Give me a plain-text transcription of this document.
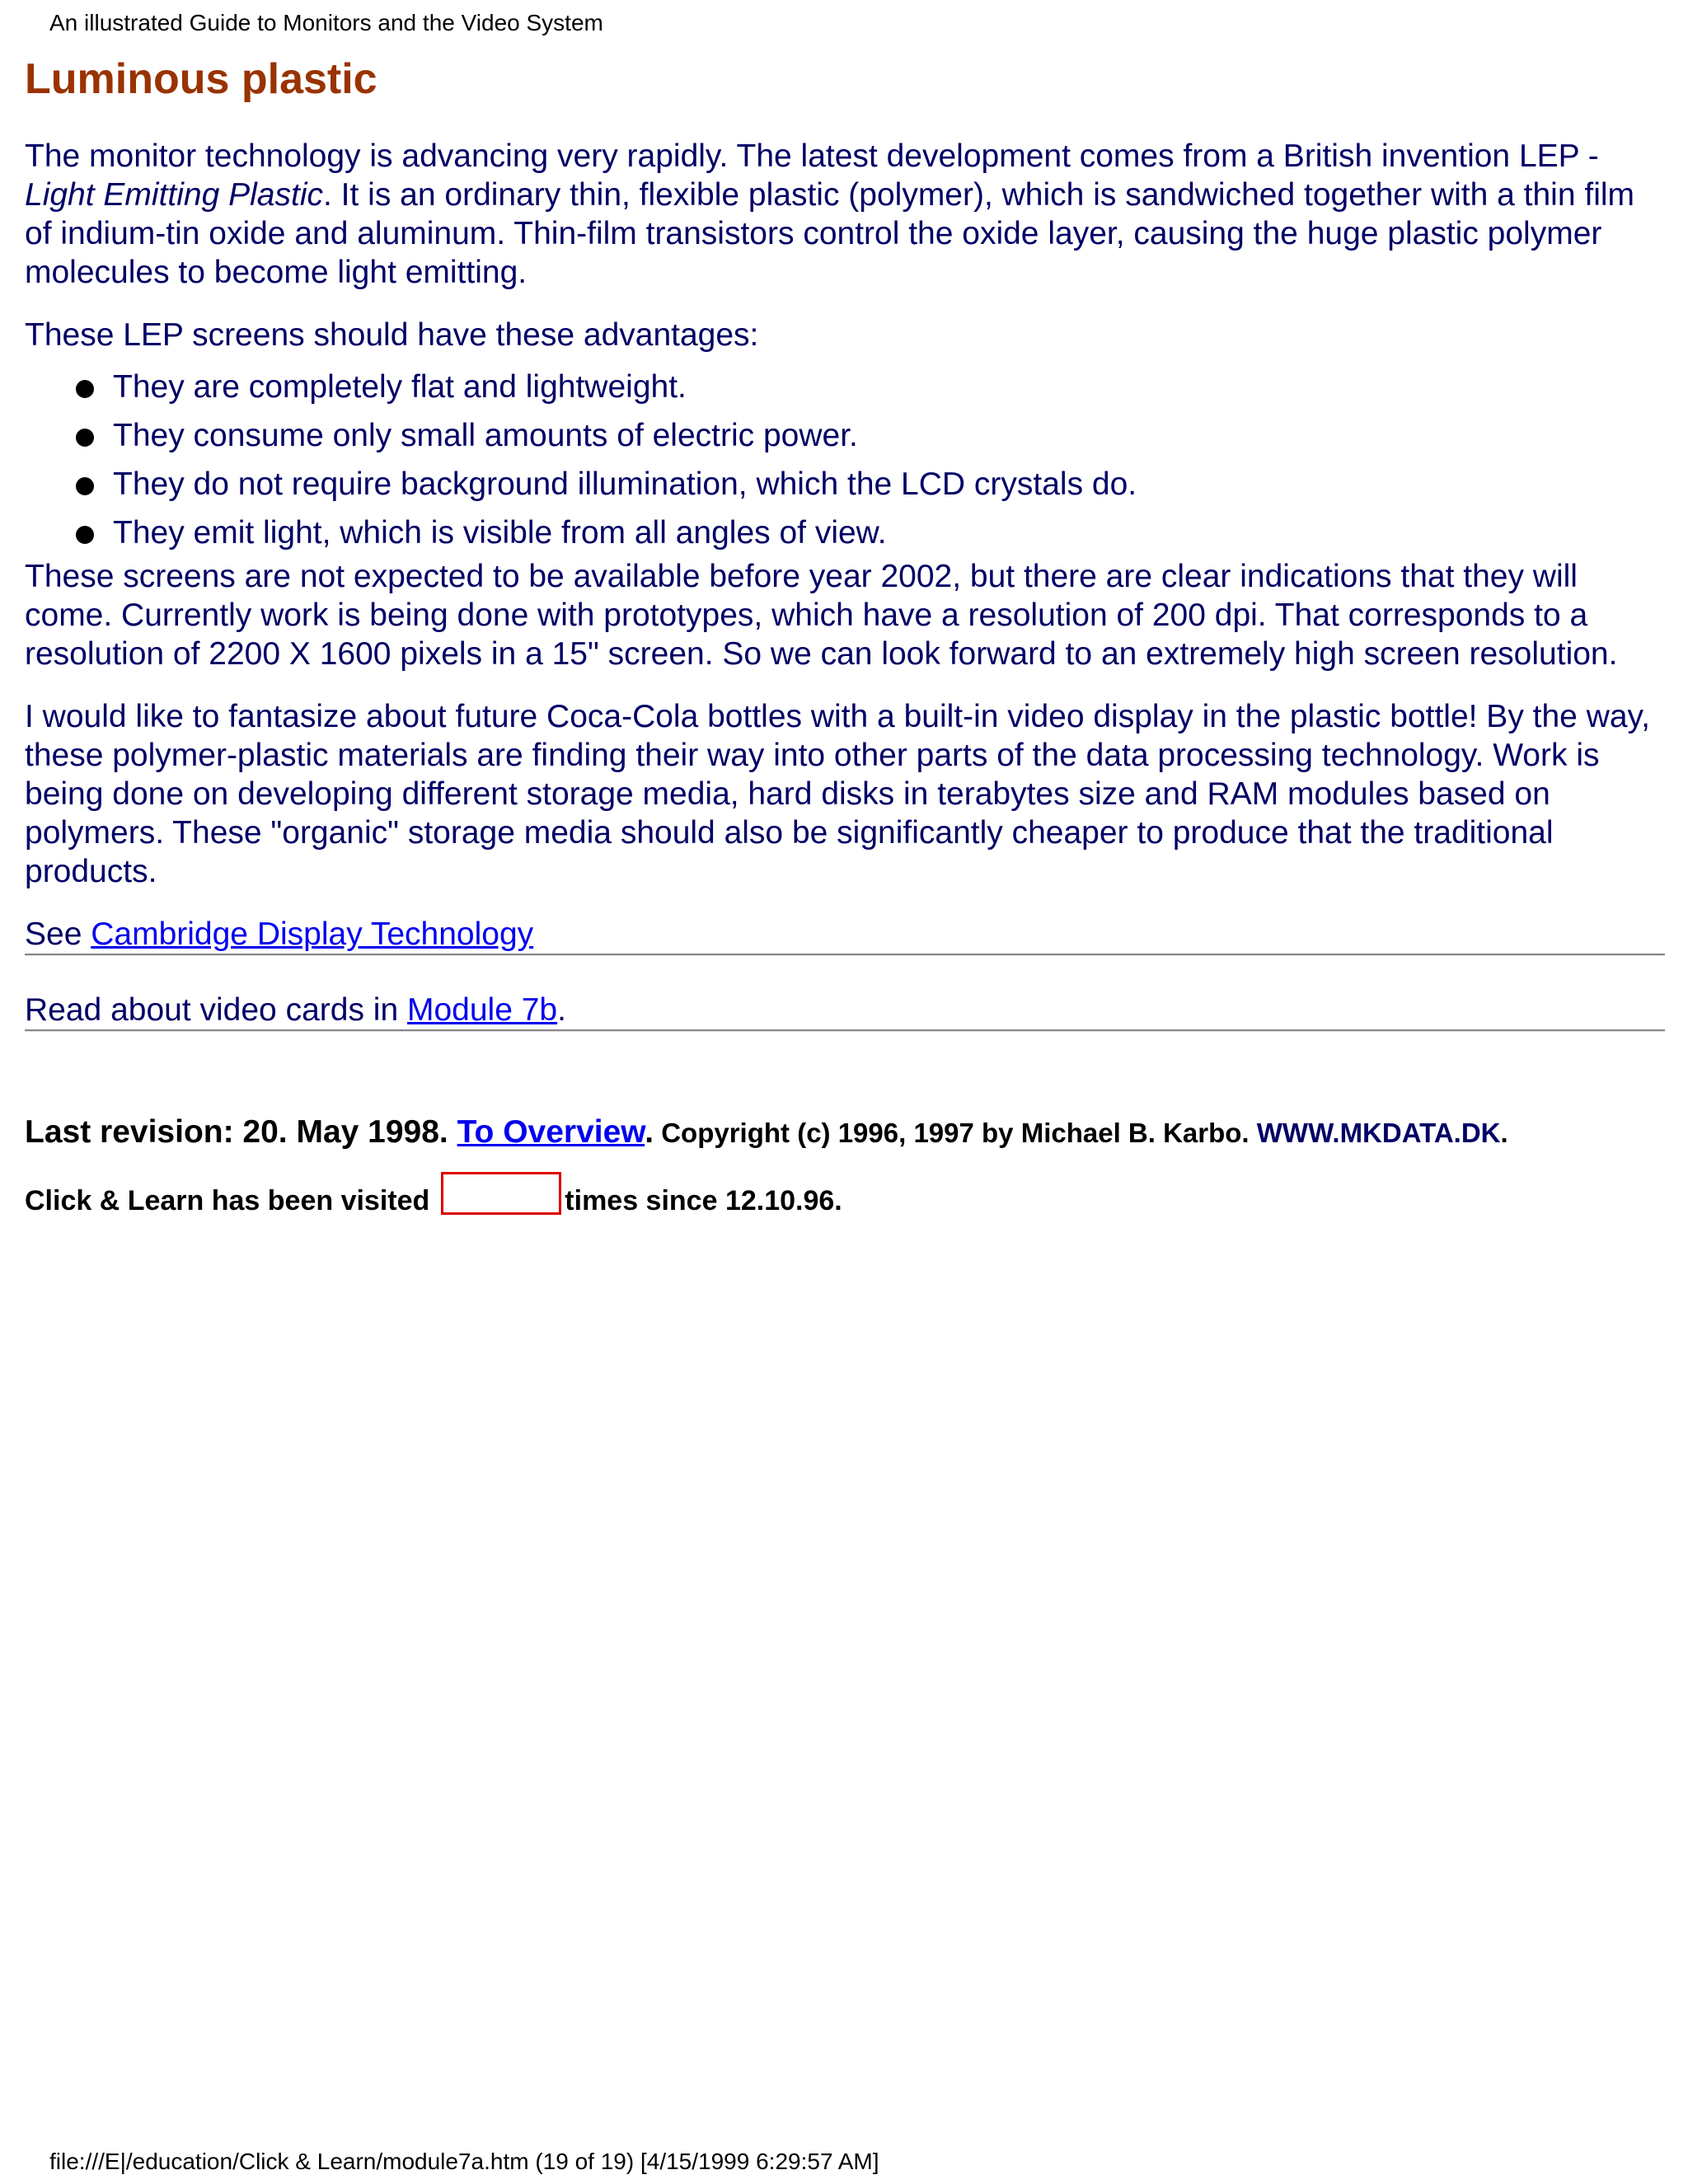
An illustrated Guide to Monitors and the Video System
Luminous plastic

The monitor technology is advancing very rapidly. The latest development comes from a British invention LEP - Light Emitting Plastic. It is an ordinary thin, flexible plastic (polymer), which is sandwiched together with a thin film of indium-tin oxide and aluminum. Thin-film transistors control the oxide layer, causing the huge plastic polymer molecules to become light emitting.

These LEP screens should have these advantages:

They are completely flat and lightweight.
They consume only small amounts of electric power.
They do not require background illumination, which the LCD crystals do.
They emit light, which is visible from all angles of view.

These screens are not expected to be available before year 2002, but there are clear indications that they will come. Currently work is being done with prototypes, which have a resolution of 200 dpi. That corresponds to a resolution of 2200 X 1600 pixels in a 15" screen. So we can look forward to an extremely high screen resolution.

I would like to fantasize about future Coca-Cola bottles with a built-in video display in the plastic bottle! By the way, these polymer-plastic materials are finding their way into other parts of the data processing technology. Work is being done on developing different storage media, hard disks in terabytes size and RAM modules based on polymers. These "organic" storage media should also be significantly cheaper to produce that the traditional products.

See Cambridge Display Technology

Read about video cards in Module 7b.

Last revision: 20. May 1998. To Overview. Copyright (c) 1996, 1997 by Michael B. Karbo. WWW.MKDATA.DK.
Click & Learn has been visited	times since 12.10.96.
file:///E|/education/Click & Learn/module7a.htm (19 of 19) [4/15/1999 6:29:57 AM]
